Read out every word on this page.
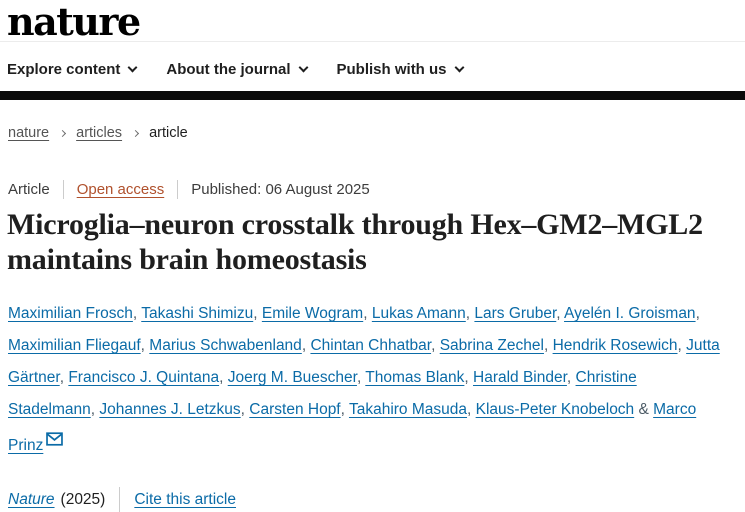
nature
Explore content	About the journal	Publish with us
nature articles article
Article Open access Published: 06 August 2025
Microglia–neuron crosstalk through Hex–GM2–MGL2 maintains brain homeostasis

Maximilian Frosch, Takashi Shimizu, Emile Wogram, Lukas Amann, Lars Gruber, Ayelén I. Groisman, Maximilian Fliegauf, Marius Schwabenland, Chintan Chhatbar, Sabrina Zechel, Hendrik Rosewich, Jutta Gärtner, Francisco J. Quintana, Joerg M. Buescher, Thomas Blank, Harald Binder, Christine Stadelmann, Johannes J. Letzkus, Carsten Hopf, Takahiro Masuda, Klaus-Peter Knobeloch & Marco Prinz

Nature (2025) Cite this article
